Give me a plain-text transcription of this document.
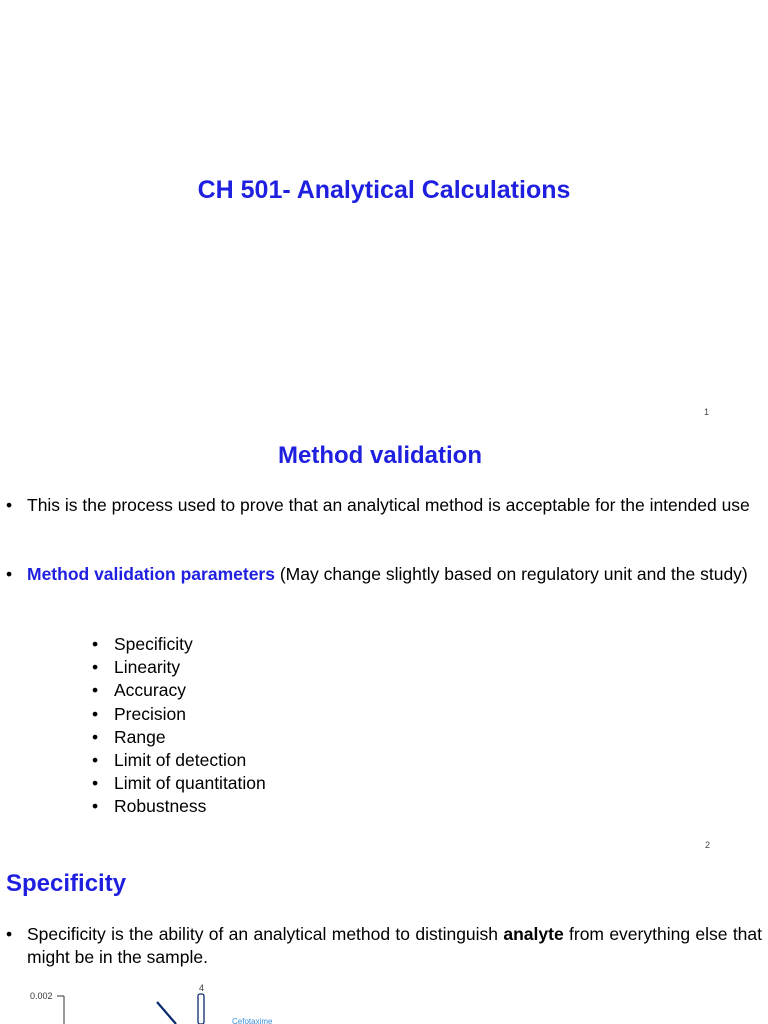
CH 501- Analytical Calculations
1
Method validation
• This is the process used to prove that an analytical method is acceptable for the intended use
• Method validation parameters (May change slightly based on regulatory unit and the study)
• Specificity
• Linearity
• Accuracy
• Precision
• Range
• Limit of detection
• Limit of quantitation
• Robustness
2
Specificity
• Specificity is the ability of an analytical method to distinguish analyte from everything else that might be in the sample.
0.002
4
Cefotaxime
